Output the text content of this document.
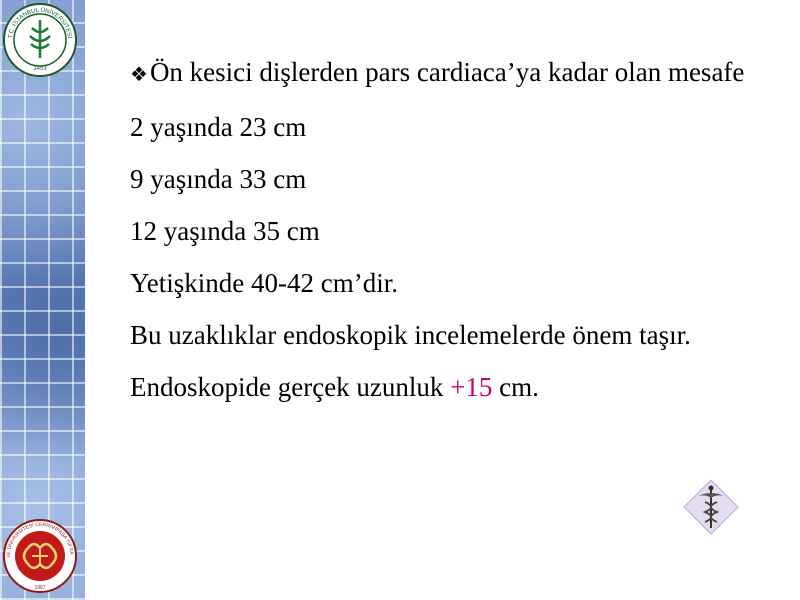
T.C. İSTANBUL ÜNİVERSİTESİ
1453
UL ÜNİVERSİTESİ CERRAHPAŞA TIP FA
1967

❖Ön kesici dişlerden pars cardiaca’ya kadar olan mesafe

2 yaşında 23 cm

9 yaşında 33 cm

12 yaşında 35 cm

Yetişkinde 40-42 cm’dir.

Bu uzaklıklar endoskopik incelemelerde önem taşır.

Endoskopide gerçek uzunluk +15 cm.
